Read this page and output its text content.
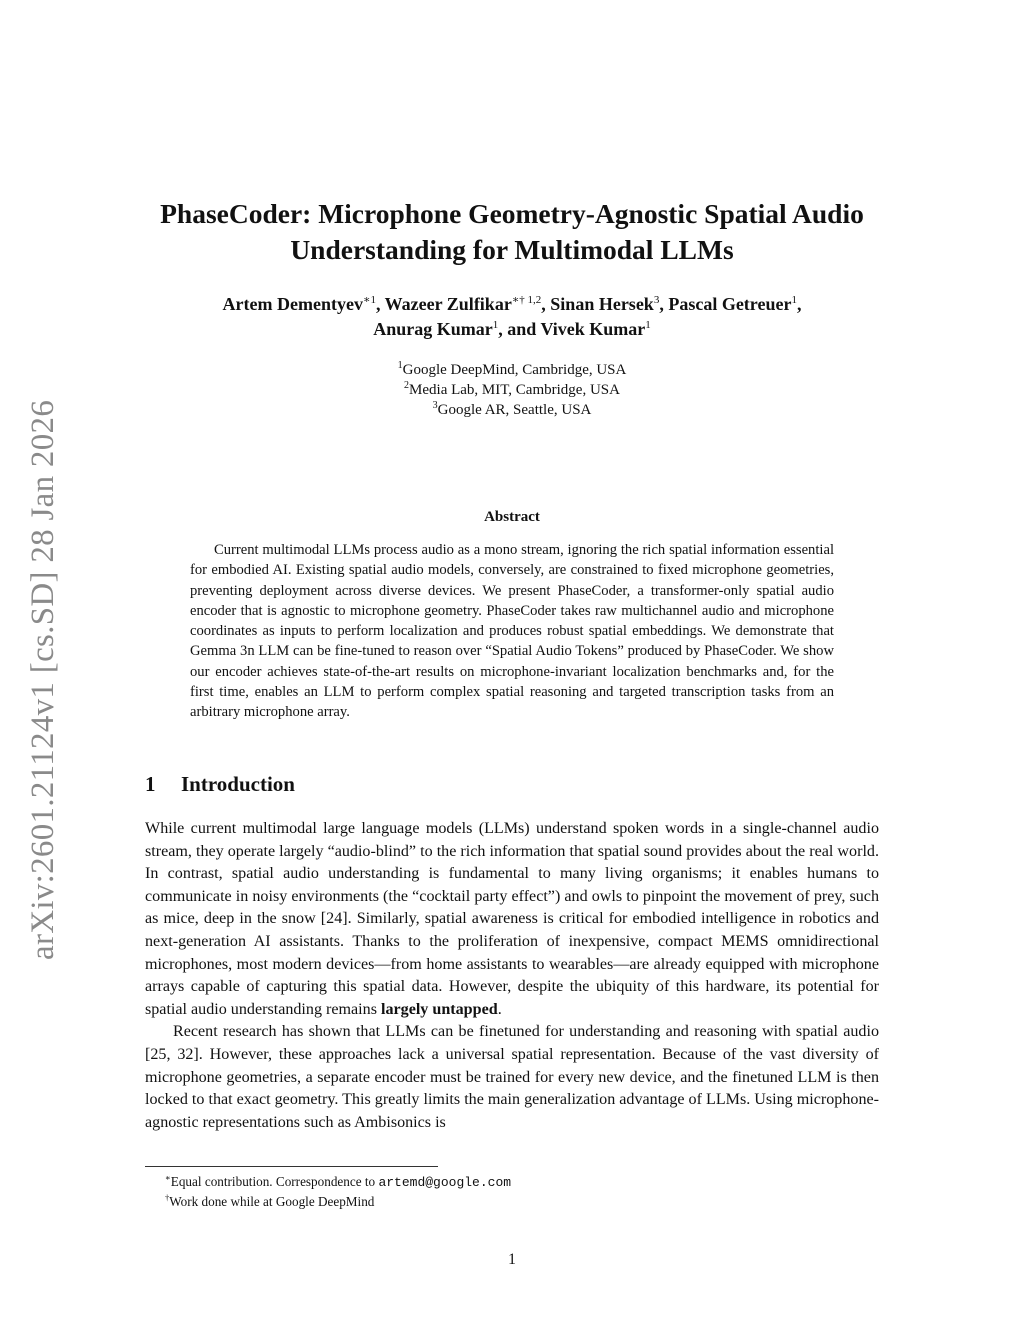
arXiv:2601.21124v1 [cs.SD] 28 Jan 2026
PhaseCoder: Microphone Geometry-Agnostic Spatial Audio
Understanding for Multimodal LLMs
Artem Dementyev$^{∗1}$, Wazeer Zulfikar$^{∗\dagger 1,2}$, Sinan Hersek$^3$, Pascal Getreuer$^1$,
Anurag Kumar$^1$, and Vivek Kumar$^1$
$^1$Google DeepMind, Cambridge, USA
$^2$Media Lab, MIT, Cambridge, USA
$^3$Google AR, Seattle, USA
Abstract

Current multimodal LLMs process audio as a mono stream, ignoring the rich spatial information essential for embodied AI. Existing spatial audio models, conversely, are constrained to fixed microphone geometries, preventing deployment across diverse devices. We present PhaseCoder, a transformer-only spatial audio encoder that is agnostic to microphone geometry. PhaseCoder takes raw multichannel audio and microphone coordinates as inputs to perform localization and produces robust spatial embeddings. We demonstrate that Gemma 3n LLM can be fine-tuned to reason over “Spatial Audio Tokens” produced by PhaseCoder. We show our encoder achieves state-of-the-art results on microphone-invariant localization benchmarks and, for the first time, enables an LLM to perform complex spatial reasoning and targeted transcription tasks from an arbitrary microphone array.

1 Introduction

While current multimodal large language models (LLMs) understand spoken words in a single-channel audio stream, they operate largely “audio-blind” to the rich information that spatial sound provides about the real world. In contrast, spatial audio understanding is fundamental to many living organisms; it enables humans to communicate in noisy environments (the “cocktail party effect”) and owls to pinpoint the movement of prey, such as mice, deep in the snow [24]. Similarly, spatial awareness is critical for embodied intelligence in robotics and next-generation AI assistants. Thanks to the proliferation of inexpensive, compact MEMS omnidirectional microphones, most modern devices—from home assistants to wearables—are already equipped with microphone arrays capable of capturing this spatial data. However, despite the ubiquity of this hardware, its potential for spatial audio understanding remains largely untapped.

Recent research has shown that LLMs can be finetuned for understanding and reasoning with spatial audio [25, 32]. However, these approaches lack a universal spatial representation. Because of the vast diversity of microphone geometries, a separate encoder must be trained for every new device, and the finetuned LLM is then locked to that exact geometry. This greatly limits the main generalization advantage of LLMs. Using microphone-agnostic representations such as Ambisonics is

∗Equal contribution. Correspondence to artemd@google.com
†Work done while at Google DeepMind
1
